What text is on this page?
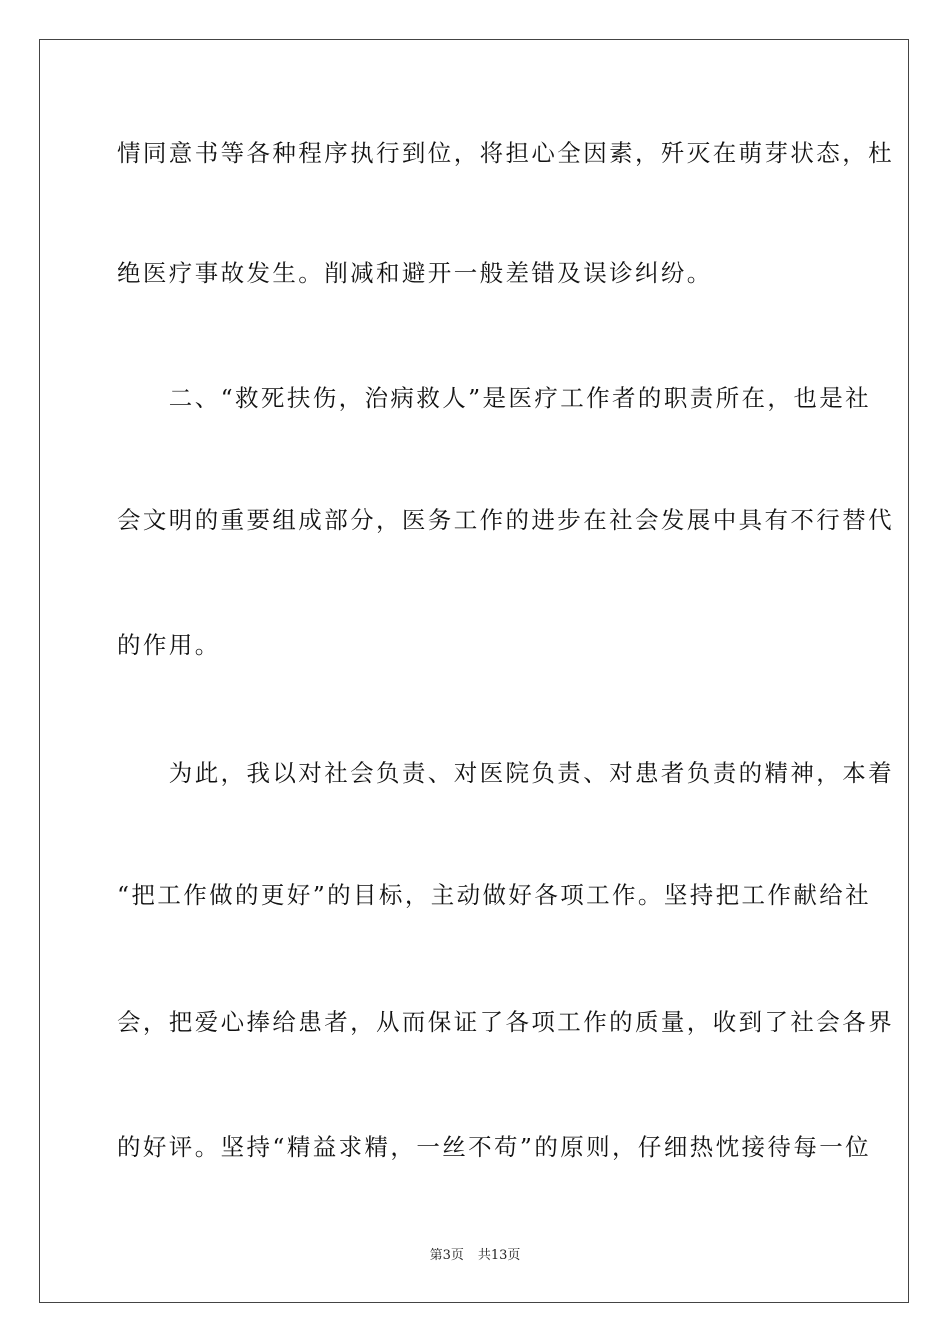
情同意书等各种程序执行到位，将担心全因素，歼灭在萌芽状态，杜
绝医疗事故发生。削减和避开一般差错及误诊纠纷。
　　二、“救死扶伤，治病救人”是医疗工作者的职责所在，也是社
会文明的重要组成部分，医务工作的进步在社会发展中具有不行替代
的作用。
　　为此，我以对社会负责、对医院负责、对患者负责的精神，本着
“把工作做的更好”的目标，主动做好各项工作。坚持把工作献给社
会，把爱心捧给患者，从而保证了各项工作的质量，收到了社会各界
的好评。坚持“精益求精，一丝不苟”的原则，仔细热忱接待每一位
第3页 共13页
